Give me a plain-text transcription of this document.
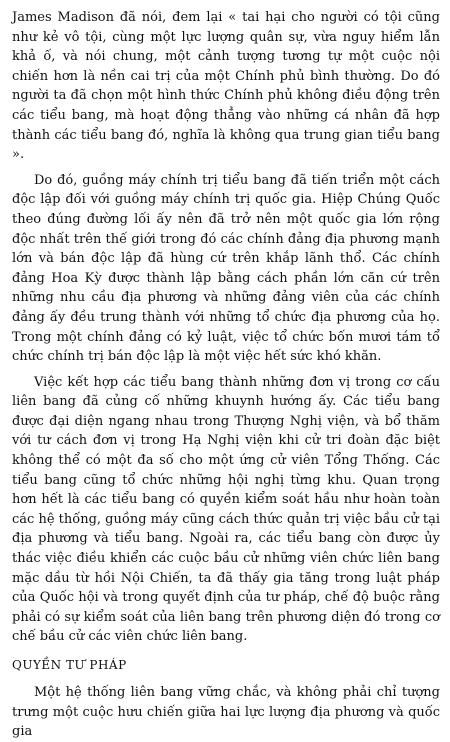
James Madison đã nói, đem lại « tai hại cho người có tội cũng như kẻ vô tội, cùng một lực lượng quân sự, vừa nguy hiểm lẫn khả ố, và nói chung, một cảnh tượng tương tự một cuộc nội chiến hơn là nền cai trị của một Chính phủ bình thường. Do đó người ta đã chọn một hình thức Chính phủ không điều động trên các tiểu bang, mà hoạt động thẳng vào những cá nhân đã hợp thành các tiểu bang đó, nghĩa là không qua trung gian tiểu bang ».

Do đó, guồng máy chính trị tiểu bang đã tiến triển một cách độc lập đối với guồng máy chính trị quốc gia. Hiệp Chúng Quốc theo đúng đường lối ấy nên đã trở nên một quốc gia lớn rộng độc nhất trên thế giới trong đó các chính đảng địa phương mạnh lớn và bán độc lập đã hùng cứ trên khắp lãnh thổ. Các chính đảng Hoa Kỳ được thành lập bằng cách phần lớn căn cứ trên những nhu cầu địa phương và những đảng viên của các chính đảng ấy đều trung thành với những tổ chức địa phương của họ. Trong một chính đảng có kỷ luật, việc tổ chức bốn mươi tám tổ chức chính trị bán độc lập là một việc hết sức khó khăn.

Việc kết hợp các tiểu bang thành những đơn vị trong cơ cấu liên bang đã củng cố những khuynh hướng ấy. Các tiểu bang được đại diện ngang nhau trong Thượng Nghị viện, và bổ thăm với tư cách đơn vị trong Hạ Nghị viện khi cử tri đoàn đặc biệt không thể có một đa số cho một ứng cử viên Tổng Thống. Các tiểu bang cũng tổ chức những hội nghị từng khu. Quan trọng hơn hết là các tiểu bang có quyền kiểm soát hầu như hoàn toàn các hệ thống, guồng máy cũng cách thức quản trị việc bầu cử tại địa phương và tiểu bang. Ngoài ra, các tiểu bang còn được ủy thác việc điều khiển các cuộc bầu cử những viên chức liên bang mặc dầu từ hồi Nội Chiến, ta đã thấy gia tăng trong luật pháp của Quốc hội và trong quyết định của tư pháp, chế độ buộc rằng phải có sự kiểm soát của liên bang trên phương diện đó trong cơ chế bầu cử các viên chức liên bang.

QUYỀN TƯ PHÁP

Một hệ thống liên bang vững chắc, và không phải chỉ tượng trưng một cuộc hưu chiến giữa hai lực lượng địa phương và quốc gia
